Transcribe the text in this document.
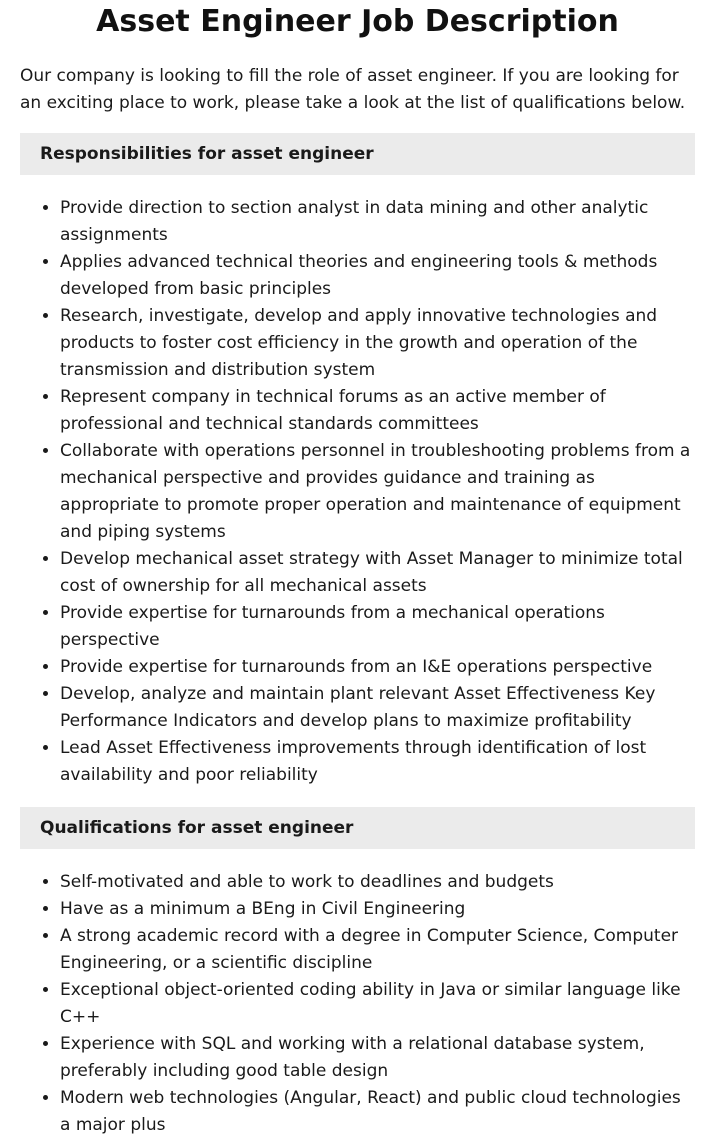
Asset Engineer Job Description

Our company is looking to fill the role of asset engineer. If you are looking for an exciting place to work, please take a look at the list of qualifications below.

Responsibilities for asset engineer
• Provide direction to section analyst in data mining and other analytic assignments
• Applies advanced technical theories and engineering tools & methods developed from basic principles
• Research, investigate, develop and apply innovative technologies and products to foster cost efficiency in the growth and operation of the transmission and distribution system
• Represent company in technical forums as an active member of professional and technical standards committees
• Collaborate with operations personnel in troubleshooting problems from a mechanical perspective and provides guidance and training as appropriate to promote proper operation and maintenance of equipment and piping systems
• Develop mechanical asset strategy with Asset Manager to minimize total cost of ownership for all mechanical assets
• Provide expertise for turnarounds from a mechanical operations perspective
• Provide expertise for turnarounds from an I&E operations perspective
• Develop, analyze and maintain plant relevant Asset Effectiveness Key Performance Indicators and develop plans to maximize profitability
• Lead Asset Effectiveness improvements through identification of lost availability and poor reliability
Qualifications for asset engineer
• Self-motivated and able to work to deadlines and budgets
• Have as a minimum a BEng in Civil Engineering
• A strong academic record with a degree in Computer Science, Computer Engineering, or a scientific discipline
• Exceptional object-oriented coding ability in Java or similar language like C++
• Experience with SQL and working with a relational database system, preferably including good table design
• Modern web technologies (Angular, React) and public cloud technologies a major plus
